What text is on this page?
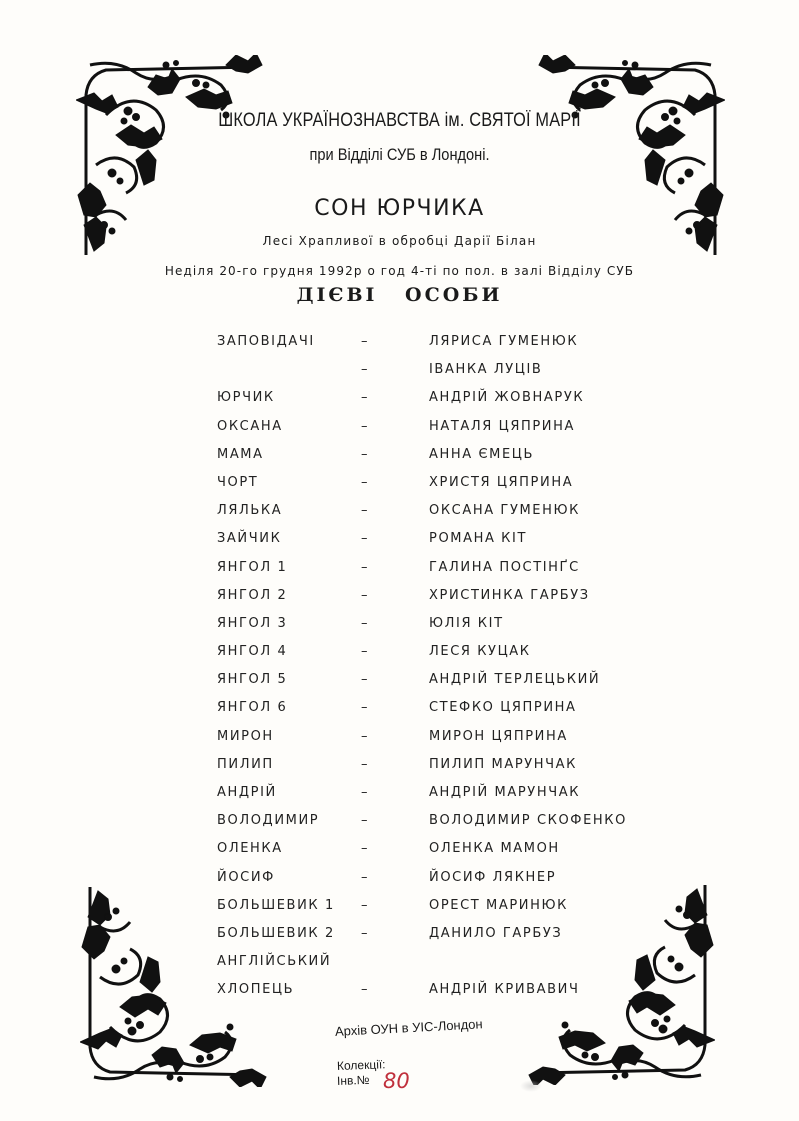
ШКОЛА УКРАЇНОЗНАВСТВА ім. СВЯТОЇ МАРІЇ
при Відділі СУБ в Лондоні.
СОН ЮРЧИКА
Лесі Храпливої в обробці Дарії Білан
Неділя 20-го грудня 1992р о год 4-ті по пол. в залі Відділу СУБ
ДІЄВІ ОСОБИ
ЗАПОВІДАЧІ	–	ЛЯРИСА ГУМЕНЮК
–	ІВАНКА ЛУЦІВ
ЮРЧИК	–	АНДРІЙ ЖОВНАРУК
ОКСАНА	–	НАТАЛЯ ЦЯПРИНА
МАМА	–	АННА ЄМЕЦЬ
ЧОРТ	–	ХРИСТЯ ЦЯПРИНА
ЛЯЛЬКА	–	ОКСАНА ГУМЕНЮК
ЗАЙЧИК	–	РОМАНА КІТ
ЯНГОЛ 1	–	ГАЛИНА ПОСТІНҐС
ЯНГОЛ 2	–	ХРИСТИНКА ГАРБУЗ
ЯНГОЛ 3	–	ЮЛІЯ КІТ
ЯНГОЛ 4	–	ЛЕСЯ КУЦАК
ЯНГОЛ 5	–	АНДРІЙ ТЕРЛЕЦЬКИЙ
ЯНГОЛ 6	–	СТЕФКО ЦЯПРИНА
МИРОН	–	МИРОН ЦЯПРИНА
ПИЛИП	–	ПИЛИП МАРУНЧАК
АНДРІЙ	–	АНДРІЙ МАРУНЧАК
ВОЛОДИМИР	–	ВОЛОДИМИР СКОФЕНКО
ОЛЕНКА	–	ОЛЕНКА МАМОН
ЙОСИФ	–	ЙОСИФ ЛЯКНЕР
БОЛЬШЕВИК 1 –	ОРЕСТ МАРИНЮК
БОЛЬШЕВИК 2 –	ДАНИЛО ГАРБУЗ
АНГЛІЙСЬКИЙ
ХЛОПЕЦЬ	–	АНДРІЙ КРИВАВИЧ
Архів ОУН в УІС-Лондон
Колекції:
Інв.№ 80
